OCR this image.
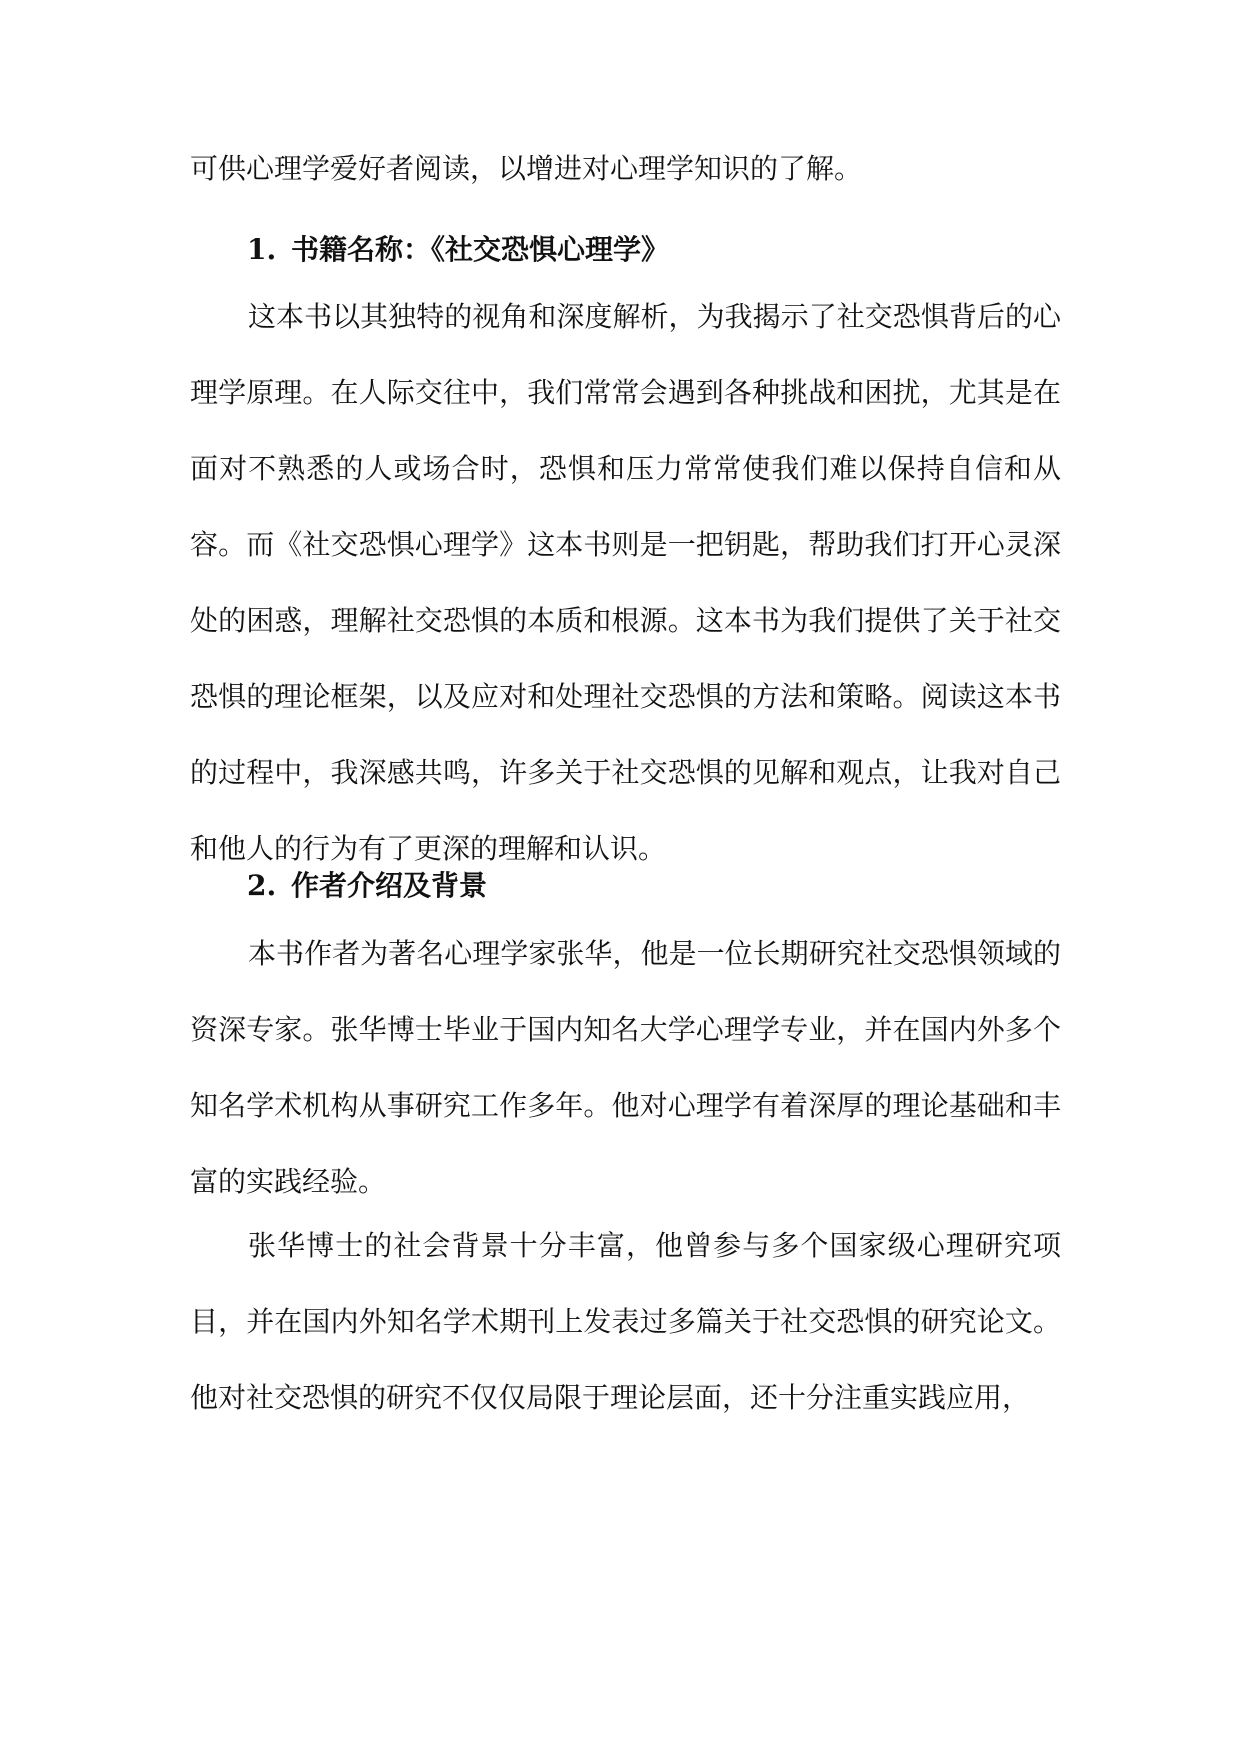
可供心理学爱好者阅读，以增进对心理学知识的了解。

1. 书籍名称：《社交恐惧心理学》

这本书以其独特的视角和深度解析，为我揭示了社交恐惧背后的心理学原理。在人际交往中，我们常常会遇到各种挑战和困扰，尤其是在面对不熟悉的人或场合时，恐惧和压力常常使我们难以保持自信和从容。而《社交恐惧心理学》这本书则是一把钥匙，帮助我们打开心灵深处的困惑，理解社交恐惧的本质和根源。这本书为我们提供了关于社交恐惧的理论框架，以及应对和处理社交恐惧的方法和策略。阅读这本书的过程中，我深感共鸣，许多关于社交恐惧的见解和观点，让我对自己和他人的行为有了更深的理解和认识。

2. 作者介绍及背景

本书作者为著名心理学家张华，他是一位长期研究社交恐惧领域的资深专家。张华博士毕业于国内知名大学心理学专业，并在国内外多个知名学术机构从事研究工作多年。他对心理学有着深厚的理论基础和丰富的实践经验。

张华博士的社会背景十分丰富，他曾参与多个国家级心理研究项目，并在国内外知名学术期刊上发表过多篇关于社交恐惧的研究论文。他对社交恐惧的研究不仅仅局限于理论层面，还十分注重实践应用，
